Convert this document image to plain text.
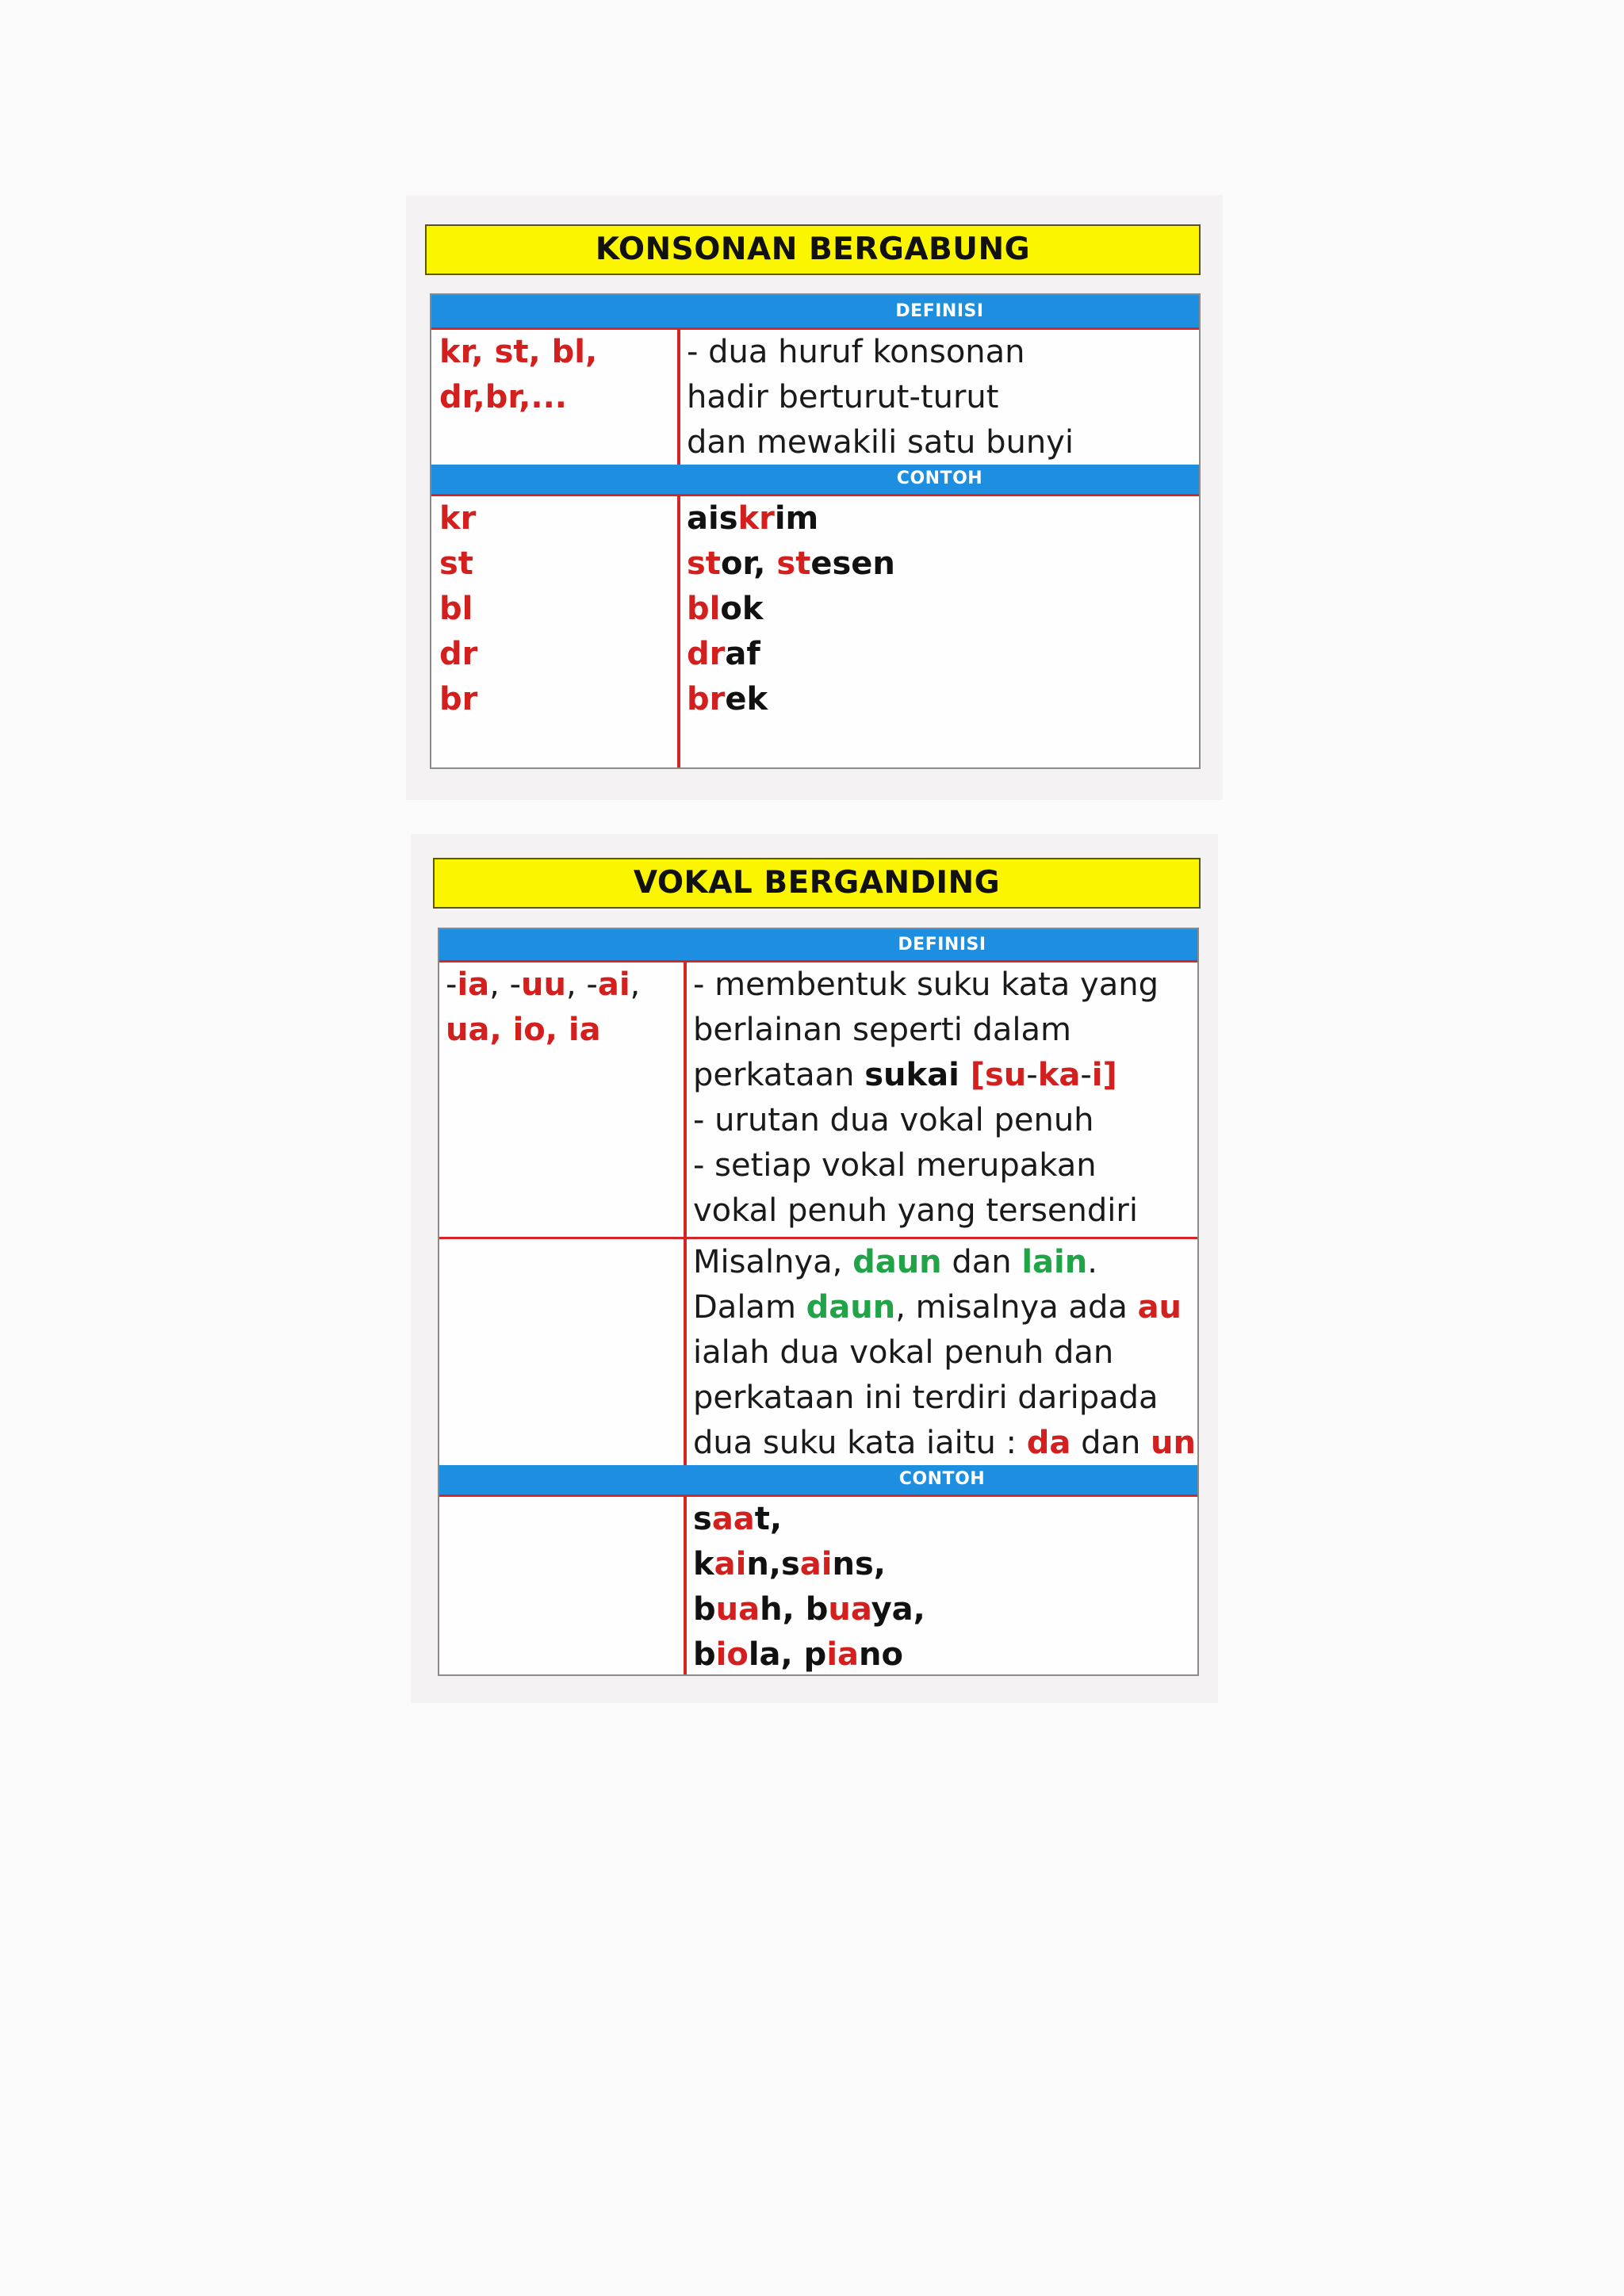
KONSONAN BERGABUNG
DEFINISI
kr, st, bl,
dr,br,...
- dua huruf konsonan
hadir berturut-turut
dan mewakili satu bunyi
CONTOH
kr
st
bl
dr
br
aiskrim
stor, stesen
blok
draf
brek
VOKAL BERGANDING
DEFINISI
-ia, -uu, -ai,
ua, io, ia
- membentuk suku kata yang
berlainan seperti dalam
perkataan sukai [su-ka-i]
- urutan dua vokal penuh
- setiap vokal merupakan
vokal penuh yang tersendiri
Misalnya, daun dan lain.
Dalam daun, misalnya ada au
ialah dua vokal penuh dan
perkataan ini terdiri daripada
dua suku kata iaitu : da dan un
CONTOH
saat,
kain,sains,
buah, buaya,
biola, piano
